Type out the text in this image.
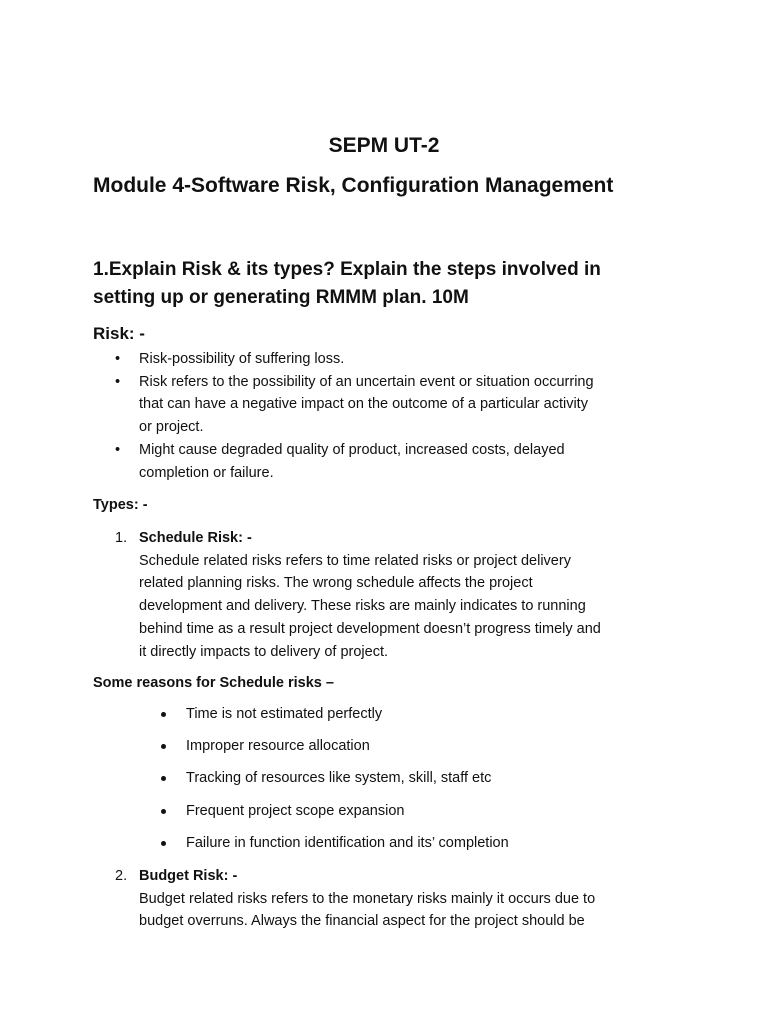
SEPM UT-2
Module 4-Software Risk, Configuration Management
1.Explain Risk & its types? Explain the steps involved in
setting up or generating RMMM plan. 10M
Risk: -
• Risk-possibility of suffering loss.
• Risk refers to the possibility of an uncertain event or situation occurring
that can have a negative impact on the outcome of a particular activity
or project.
• Might cause degraded quality of product, increased costs, delayed
completion or failure.
Types: -
1. Schedule Risk: -
Schedule related risks refers to time related risks or project delivery
related planning risks. The wrong schedule affects the project
development and delivery. These risks are mainly indicates to running
behind time as a result project development doesn’t progress timely and
it directly impacts to delivery of project.
Some reasons for Schedule risks –
Time is not estimated perfectly
Improper resource allocation
Tracking of resources like system, skill, staff etc
Frequent project scope expansion
Failure in function identification and its’ completion
2. Budget Risk: -
Budget related risks refers to the monetary risks mainly it occurs due to
budget overruns. Always the financial aspect for the project should be
